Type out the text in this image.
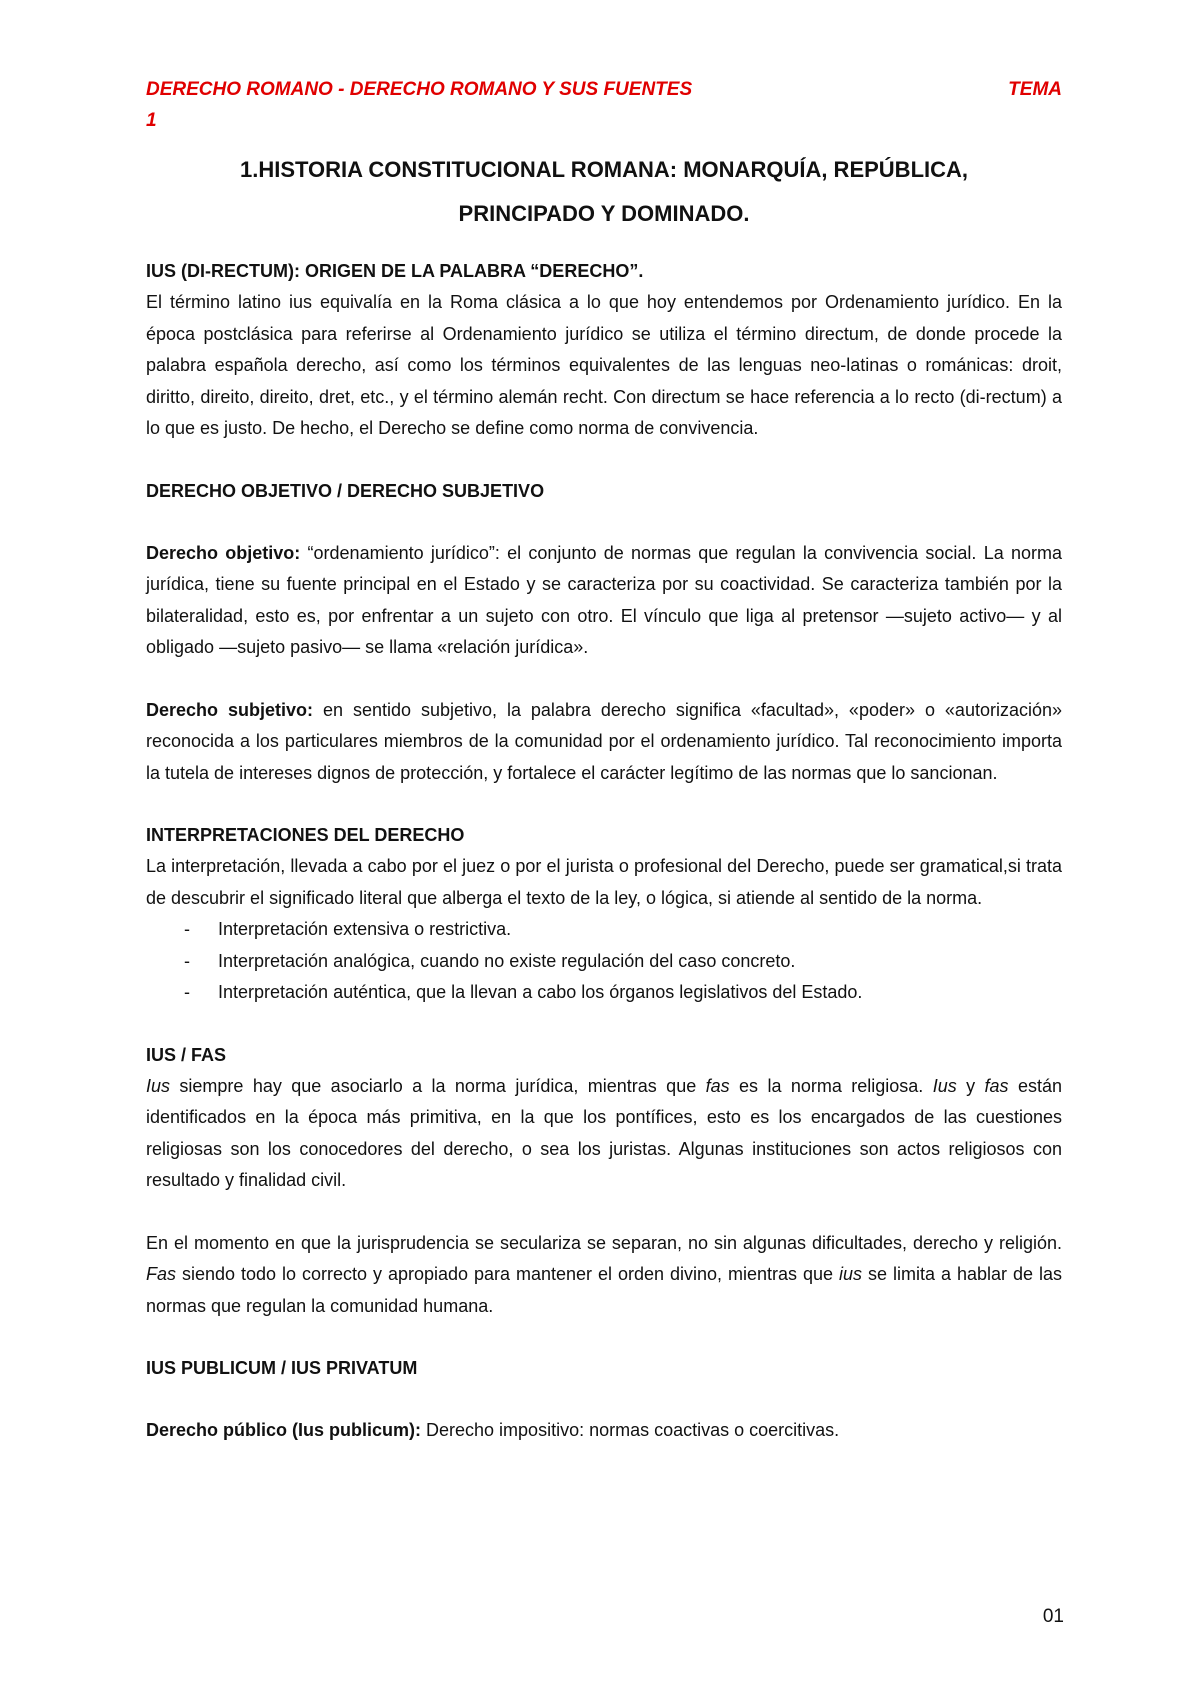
DERECHO ROMANO - DERECHO ROMANO Y SUS FUENTES	TEMA
1
1.HISTORIA CONSTITUCIONAL ROMANA: MONARQUÍA, REPÚBLICA,
PRINCIPADO Y DOMINADO.
IUS (DI-RECTUM): ORIGEN DE LA PALABRA “DERECHO”.

El término latino ius equivalía en la Roma clásica a lo que hoy entendemos por Ordenamiento jurídico. En la época postclásica para referirse al Ordenamiento jurídico se utiliza el término directum, de donde procede la palabra española derecho, así como los términos equivalentes de las lenguas neo-latinas o románicas: droit, diritto, direito, direito, dret, etc., y el término alemán recht. Con directum se hace referencia a lo recto (di-rectum) a lo que es justo. De hecho, el Derecho se define como norma de convivencia.

DERECHO OBJETIVO / DERECHO SUBJETIVO

Derecho objetivo: “ordenamiento jurídico”: el conjunto de normas que regulan la convivencia social. La norma jurídica, tiene su fuente principal en el Estado y se caracteriza por su coactividad. Se caracteriza también por la bilateralidad, esto es, por enfrentar a un sujeto con otro. El vínculo que liga al pretensor —sujeto activo— y al obligado —sujeto pasivo— se llama «relación jurídica».

Derecho subjetivo: en sentido subjetivo, la palabra derecho significa «facultad», «poder» o «autorización» reconocida a los particulares miembros de la comunidad por el ordenamiento jurídico. Tal reconocimiento importa la tutela de intereses dignos de protección, y fortalece el carácter legítimo de las normas que lo sancionan.

INTERPRETACIONES DEL DERECHO

La interpretación, llevada a cabo por el juez o por el jurista o profesional del Derecho, puede ser gramatical,si trata de descubrir el significado literal que alberga el texto de la ley, o lógica, si atiende al sentido de la norma.

- Interpretación extensiva o restrictiva.
- Interpretación analógica, cuando no existe regulación del caso concreto.
- Interpretación auténtica, que la llevan a cabo los órganos legislativos del Estado.
IUS / FAS

Ius siempre hay que asociarlo a la norma jurídica, mientras que fas es la norma religiosa. Ius y fas están identificados en la época más primitiva, en la que los pontífices, esto es los encargados de las cuestiones religiosas son los conocedores del derecho, o sea los juristas. Algunas instituciones son actos religiosos con resultado y finalidad civil.

En el momento en que la jurisprudencia se seculariza se separan, no sin algunas dificultades, derecho y religión. Fas siendo todo lo correcto y apropiado para mantener el orden divino, mientras que ius se limita a hablar de las normas que regulan la comunidad humana.

IUS PUBLICUM / IUS PRIVATUM

Derecho público (Ius publicum): Derecho impositivo: normas coactivas o coercitivas.

01
